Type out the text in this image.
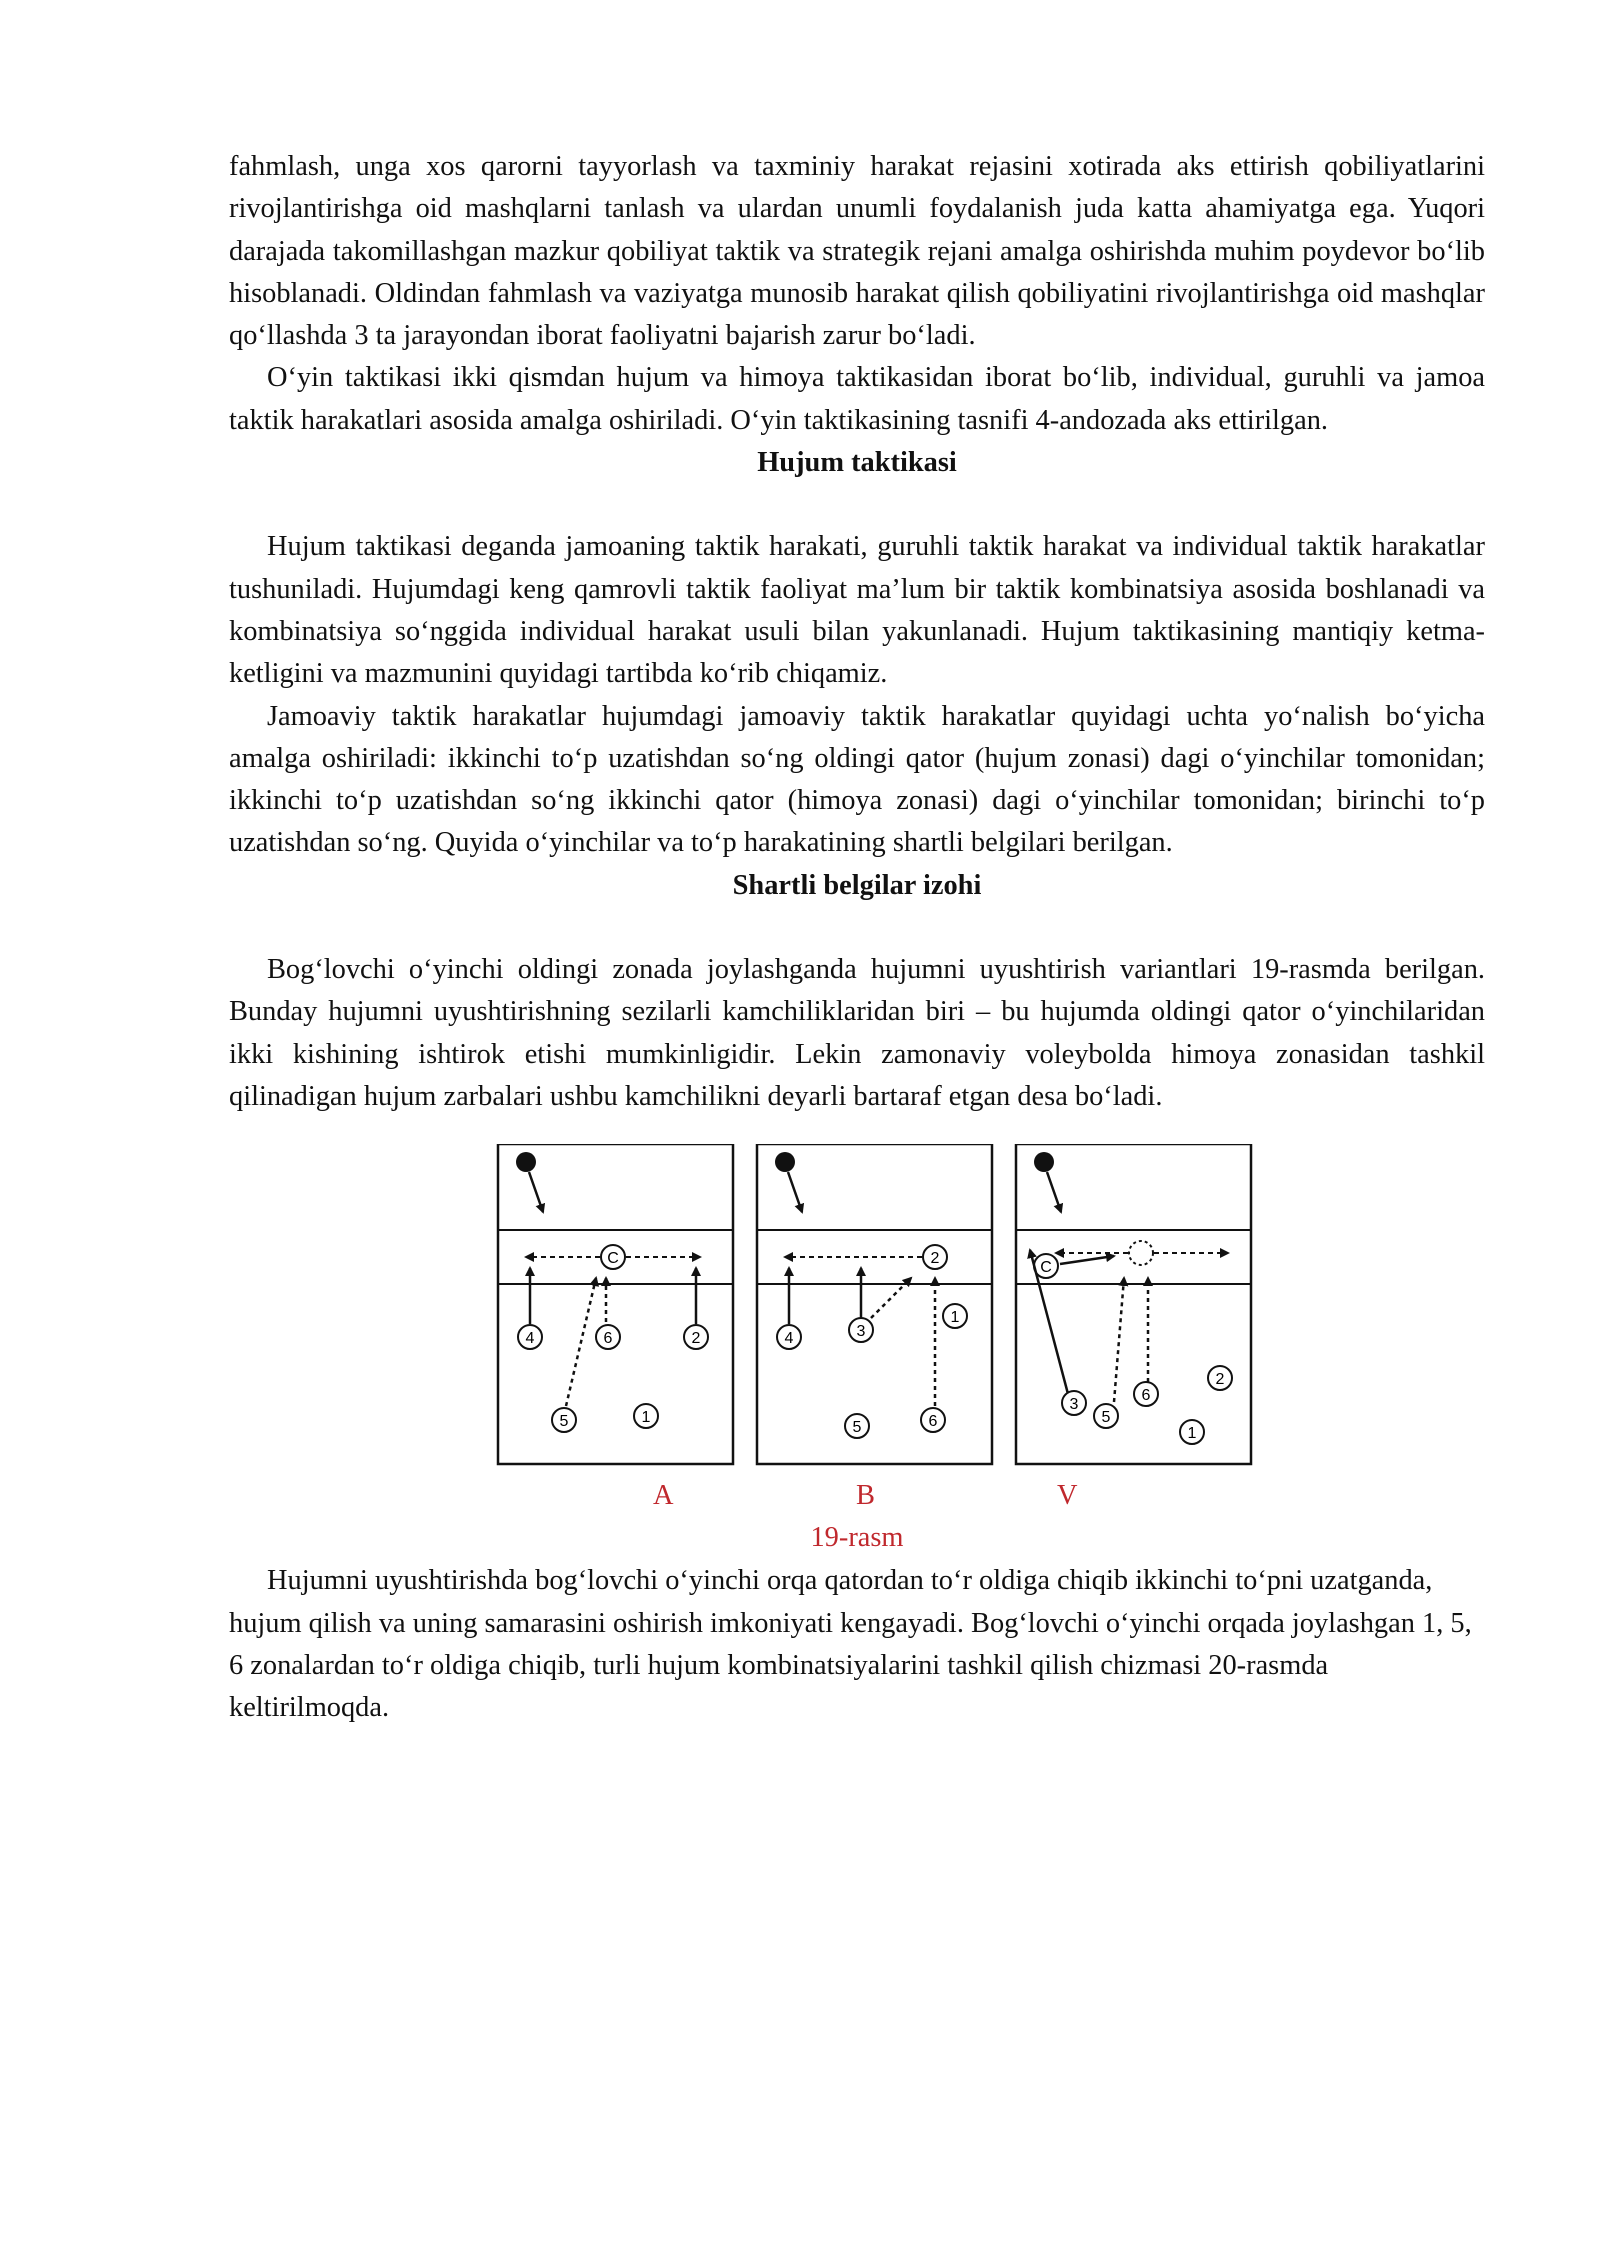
fahmlash, unga xos qarorni tayyorlash va taxminiy harakat rejasini xotirada aks ettirish qobiliyatlarini rivojlantirishga oid mashqlarni tanlash va ulardan unumli foydalanish juda katta ahamiyatga ega. Yuqori darajada takomillashgan mazkur qobiliyat taktik va strategik rejani amalga oshirishda muhim poydevor bo‘lib hisoblanadi. Oldindan fahmlash va vaziyatga munosib harakat qilish qobiliyatini rivojlantirishga oid mashqlar qo‘llashda 3 ta jarayondan iborat faoliyatni bajarish zarur bo‘ladi.

O‘yin taktikasi ikki qismdan hujum va himoya taktikasidan iborat bo‘lib, individual, guruhli va jamoa taktik harakatlari asosida amalga oshiriladi. O‘yin taktikasining tasnifi 4-andozada aks ettirilgan.

Hujum taktikasi

Hujum taktikasi deganda jamoaning taktik harakati, guruhli taktik harakat va individual taktik harakatlar tushuniladi. Hujumdagi keng qamrovli taktik faoliyat ma’lum bir taktik kombinatsiya asosida boshlanadi va kombinatsiya so‘nggida individual harakat usuli bilan yakunlanadi. Hujum taktikasining mantiqiy ketma-ketligini va mazmunini quyidagi tartibda ko‘rib chiqamiz.

Jamoaviy taktik harakatlar hujumdagi jamoaviy taktik harakatlar quyidagi uchta yo‘nalish bo‘yicha amalga oshiriladi: ikkinchi to‘p uzatishdan so‘ng oldingi qator (hujum zonasi) dagi o‘yinchilar tomonidan; ikkinchi to‘p uzatishdan so‘ng ikkinchi qator (himoya zonasi) dagi o‘yinchilar tomonidan; birinchi to‘p uzatishdan so‘ng. Quyida o‘yinchilar va to‘p harakatining shartli belgilari berilgan.

Shartli belgilar izohi

Bog‘lovchi o‘yinchi oldingi zonada joylashganda hujumni uyushtirish variantlari 19-rasmda berilgan. Bunday hujumni uyushtirishning sezilarli kamchiliklaridan biri – bu hujumda oldingi qator o‘yinchilaridan ikki kishining ishtirok etishi mumkinligidir. Lekin zamonaviy voleybolda himoya zonasidan tashkil qilinadigan hujum zarbalari ushbu kamchilikni deyarli bartaraf etgan desa bo‘ladi.

C
4	6	2
5	1
2
4	3
1
5	6
C
3
6
2
5
1
A	B	V
19-rasm

Hujumni uyushtirishda bog‘lovchi o‘yinchi orqa qatordan to‘r oldiga chiqib ikkinchi to‘pni uzatganda, hujum qilish va uning samarasini oshirish imkoniyati kengayadi. Bog‘lovchi o‘yinchi orqada joylashgan 1, 5, 6 zonalardan to‘r oldiga chiqib, turli hujum kombinatsiyalarini tashkil qilish chizmasi 20-rasmda keltirilmoqda.
